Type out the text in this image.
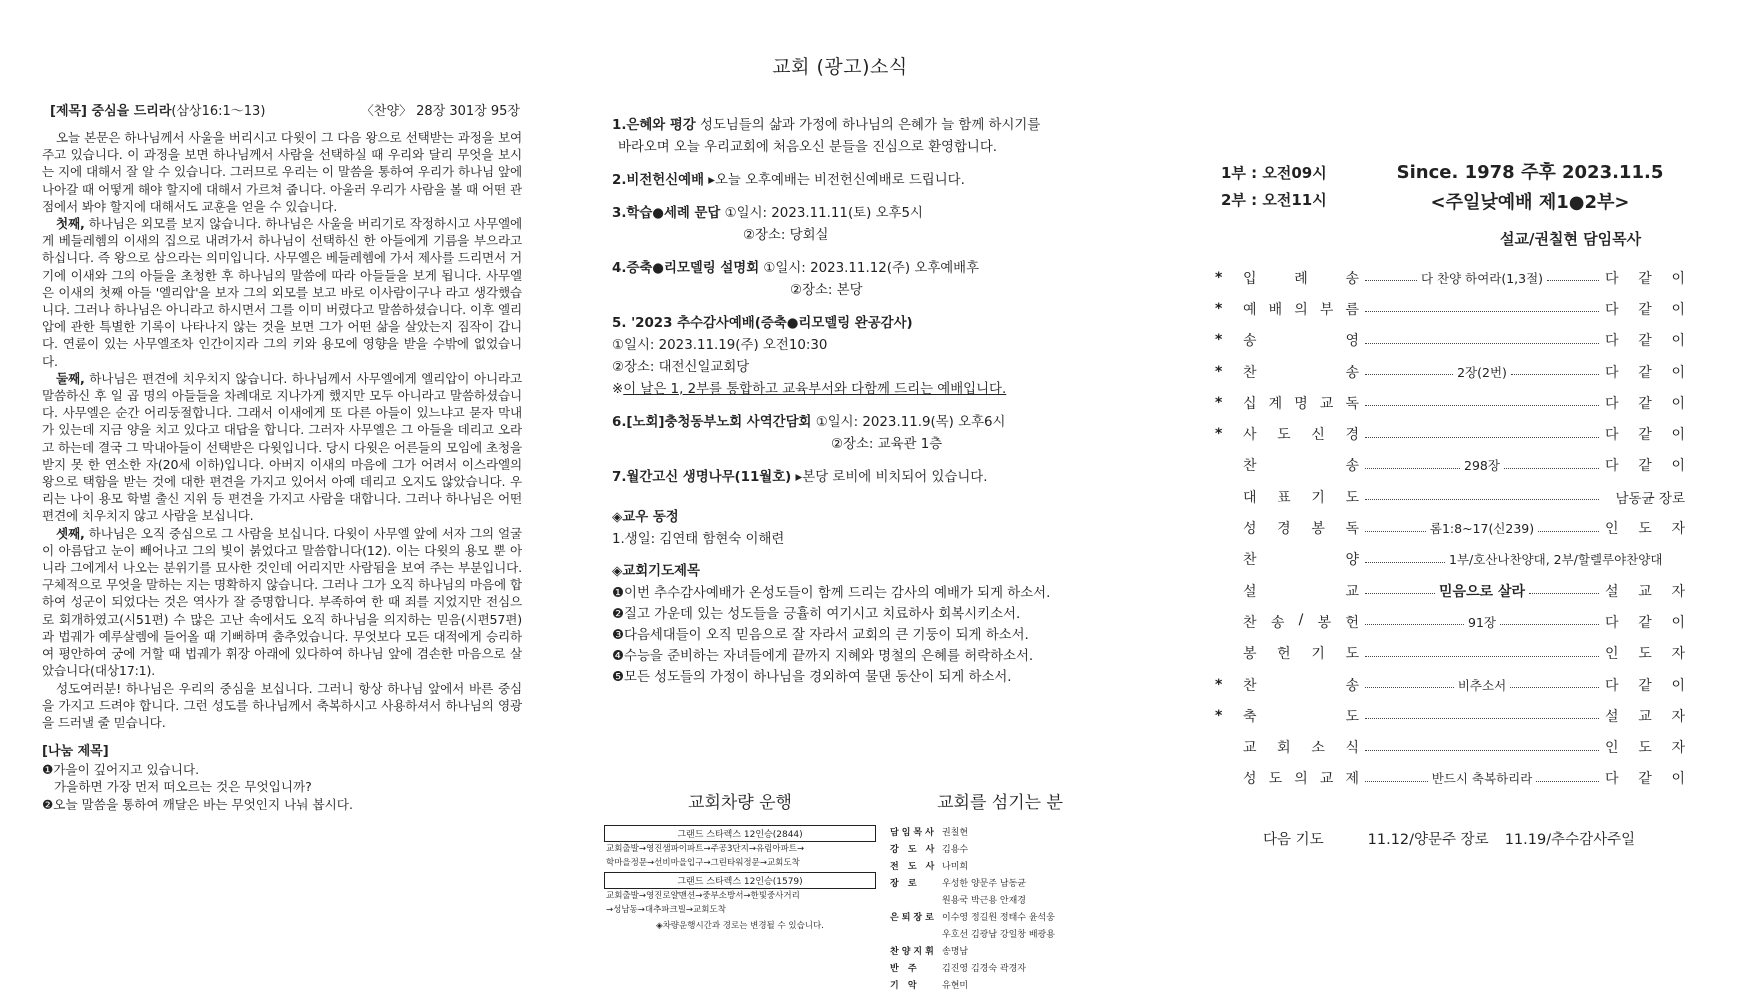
[제목] 중심을 드리라(삼상16:1～13)	〈찬양〉 28장 301장 95장

오늘 본문은 하나님께서 사울을 버리시고 다윗이 그 다음 왕으로 선택받는 과정을 보여 주고 있습니다. 이 과정을 보면 하나님께서 사람을 선택하실 때 우리와 달리 무엇을 보시는 지에 대해서 잘 알 수 있습니다. 그러므로 우리는 이 말씀을 통하여 우리가 하나님 앞에 나아갈 때 어떻게 해야 할지에 대해서 가르쳐 줍니다. 아울러 우리가 사람을 볼 때 어떤 관점에서 봐야 할지에 대해서도 교훈을 얻을 수 있습니다.

첫째, 하나님은 외모를 보지 않습니다. 하나님은 사울을 버리기로 작정하시고 사무엘에게 베들레헴의 이새의 집으로 내려가서 하나님이 선택하신 한 아들에게 기름을 부으라고 하십니다. 즉 왕으로 삼으라는 의미입니다. 사무엘은 베들레헴에 가서 제사를 드리면서 거기에 이새와 그의 아들을 초청한 후 하나님의 말씀에 따라 아들들을 보게 됩니다. 사무엘은 이새의 첫째 아들 '엘리압'을 보자 그의 외모를 보고 바로 이사람이구나 라고 생각했습니다. 그러나 하나님은 아니라고 하시면서 그를 이미 버렸다고 말씀하셨습니다. 이후 엘리압에 관한 특별한 기록이 나타나지 않는 것을 보면 그가 어떤 삶을 살았는지 짐작이 갑니다. 연륜이 있는 사무엘조차 인간이지라 그의 키와 용모에 영향을 받을 수밖에 없었습니다.

둘째, 하나님은 편견에 치우치지 않습니다. 하나님께서 사무엘에게 엘리압이 아니라고 말씀하신 후 일 곱 명의 아들들을 차례대로 지나가게 했지만 모두 아니라고 말씀하셨습니다. 사무엘은 순간 어리둥절합니다. 그래서 이새에게 또 다른 아들이 있느냐고 묻자 막내가 있는데 지금 양을 치고 있다고 대답을 합니다. 그러자 사무엘은 그 아들을 데리고 오라고 하는데 결국 그 막내아들이 선택받은 다윗입니다. 당시 다윗은 어른들의 모임에 초청을 받지 못 한 연소한 자(20세 이하)입니다. 아버지 이새의 마음에 그가 어려서 이스라엘의 왕으로 택함을 받는 것에 대한 편견을 가지고 있어서 아예 데리고 오지도 않았습니다. 우리는 나이 용모 학벌 출신 지위 등 편견을 가지고 사람을 대합니다. 그러나 하나님은 어떤 편견에 치우치지 않고 사람을 보십니다.

셋째, 하나님은 오직 중심으로 그 사람을 보십니다. 다윗이 사무엘 앞에 서자 그의 얼굴이 아름답고 눈이 빼어나고 그의 빛이 붉었다고 말씀합니다(12). 이는 다윗의 용모 뿐 아니라 그에게서 나오는 분위기를 묘사한 것인데 어리지만 사람됨을 보여 주는 부분입니다. 구체적으로 무엇을 말하는 지는 명확하지 않습니다. 그러나 그가 오직 하나님의 마음에 합하여 성군이 되었다는 것은 역사가 잘 증명합니다. 부족하여 한 때 죄를 지었지만 전심으로 회개하였고(시51편) 수 많은 고난 속에서도 오직 하나님을 의지하는 믿음(시편57편)과 법궤가 예루살렘에 들어올 때 기뻐하며 춤추었습니다. 무엇보다 모든 대적에게 승리하여 평안하여 궁에 거할 때 법궤가 휘장 아래에 있다하여 하나님 앞에 겸손한 마음으로 살았습니다(대상17:1).

성도여러분! 하나님은 우리의 중심을 보십니다. 그러니 항상 하나님 앞에서 바른 중심을 가지고 드려야 합니다. 그런 성도를 하나님께서 축복하시고 사용하셔서 하나님의 영광을 드러낼 줄 믿습니다.

[나눔 제목]
❶가을이 깊어지고 있습니다.
가을하면 가장 먼저 떠오르는 것은 무엇입니까?
❷오늘 말씀을 통하여 깨달은 바는 무엇인지 나눠 봅시다.
교회 (광고)소식
1.은혜와 평강 성도님들의 삶과 가정에 하나님의 은혜가 늘 함께 하시기를
바라오며 오늘 우리교회에 처음오신 분들을 진심으로 환영합니다.
2.비전헌신예배 ▸오늘 오후예배는 비전헌신예배로 드립니다.
3.학습●세례 문답 ①일시: 2023.11.11(토) 오후5시
②장소: 당회실
4.증축●리모델링 설명회 ①일시: 2023.11.12(주) 오후예배후
②장소: 본당
5. '2023 추수감사예배(증축●리모델링 완공감사)
①일시: 2023.11.19(주) 오전10:30
②장소: 대전신일교회당
※이 날은 1, 2부를 통합하고 교육부서와 다함께 드리는 예배입니다.
6.[노회]충청동부노회 사역간담회 ①일시: 2023.11.9(목) 오후6시
②장소: 교육관 1층
7.월간고신 생명나무(11월호) ▸본당 로비에 비치되어 있습니다.
◈교우 동정
1.생일: 김연태 함현숙 이해련
◈교회기도제목
❶이번 추수감사예배가 온성도들이 함께 드리는 감사의 예배가 되게 하소서.
❷질고 가운데 있는 성도들을 긍휼히 여기시고 치료하사 회복시키소서.
❸다음세대들이 오직 믿음으로 잘 자라서 교회의 큰 기둥이 되게 하소서.
❹수능을 준비하는 자녀들에게 끝까지 지혜와 명철의 은혜를 허락하소서.
❺모든 성도들의 가정이 하나님을 경외하여 물댄 동산이 되게 하소서.
교회차량 운행
그랜드 스타렉스 12인승(2844)
교회출발→영진샘파이파트→주공3단지→유림아파트→
학마을정문→선비마을입구→그린타워정문→교회도착
그랜드 스타렉스 12인승(1579)
교회출발→영진로얄맨션→중부소방서→한빛중사거리
→성남동→대추파크빌→교회도착
◈차량운행시간과 경로는 변경될 수 있습니다.
교회를 섬기는 분
담임목사 권칠현
강 도 사 김용수
전 도 사 나미희
장 로	우성한 양문주 남동균
원용국 박근용 안재경
은퇴장로 이수영 정길원 정태수 윤석웅
우호선 김광남 강일창 배광용
찬양지휘 송명남
반 주	김진영 김경숙 곽경자
기 악	유현미
1부 : 오전09시
2부 : 오전11시
Since. 1978 주후 2023.11.5
<주일낮예배 제1●2부>
설교/권칠현 담임목사
*	입	례	송	다 찬양 하여라(1,3절)	다 같 이
*	예 배 의 부 름	다 같 이
*	송	영	다 같 이
*	찬	송	2장(2번)	다 같 이
*	십 계 명 교 독	다 같 이
*	사 도 신 경	다 같 이
찬	송	298장	다 같 이
대 표 기 도	남동균 장로
성 경 봉 독	롬1:8~17(신239)	인 도 자
찬	양	1부/호산나찬양대, 2부/할렐루야찬양대
설	교	믿음으로 살라	설 교 자
찬 송 / 봉 헌	91장	다 같 이
봉 헌 기 도	인 도 자
*	찬	송	비추소서	다 같 이
*	축	도	설 교 자
교 회 소 식	인 도 자
성 도 의 교 제	반드시 축복하리라	다 같 이
다음 기도	11.12/양문주 장로 11.19/추수감사주일
